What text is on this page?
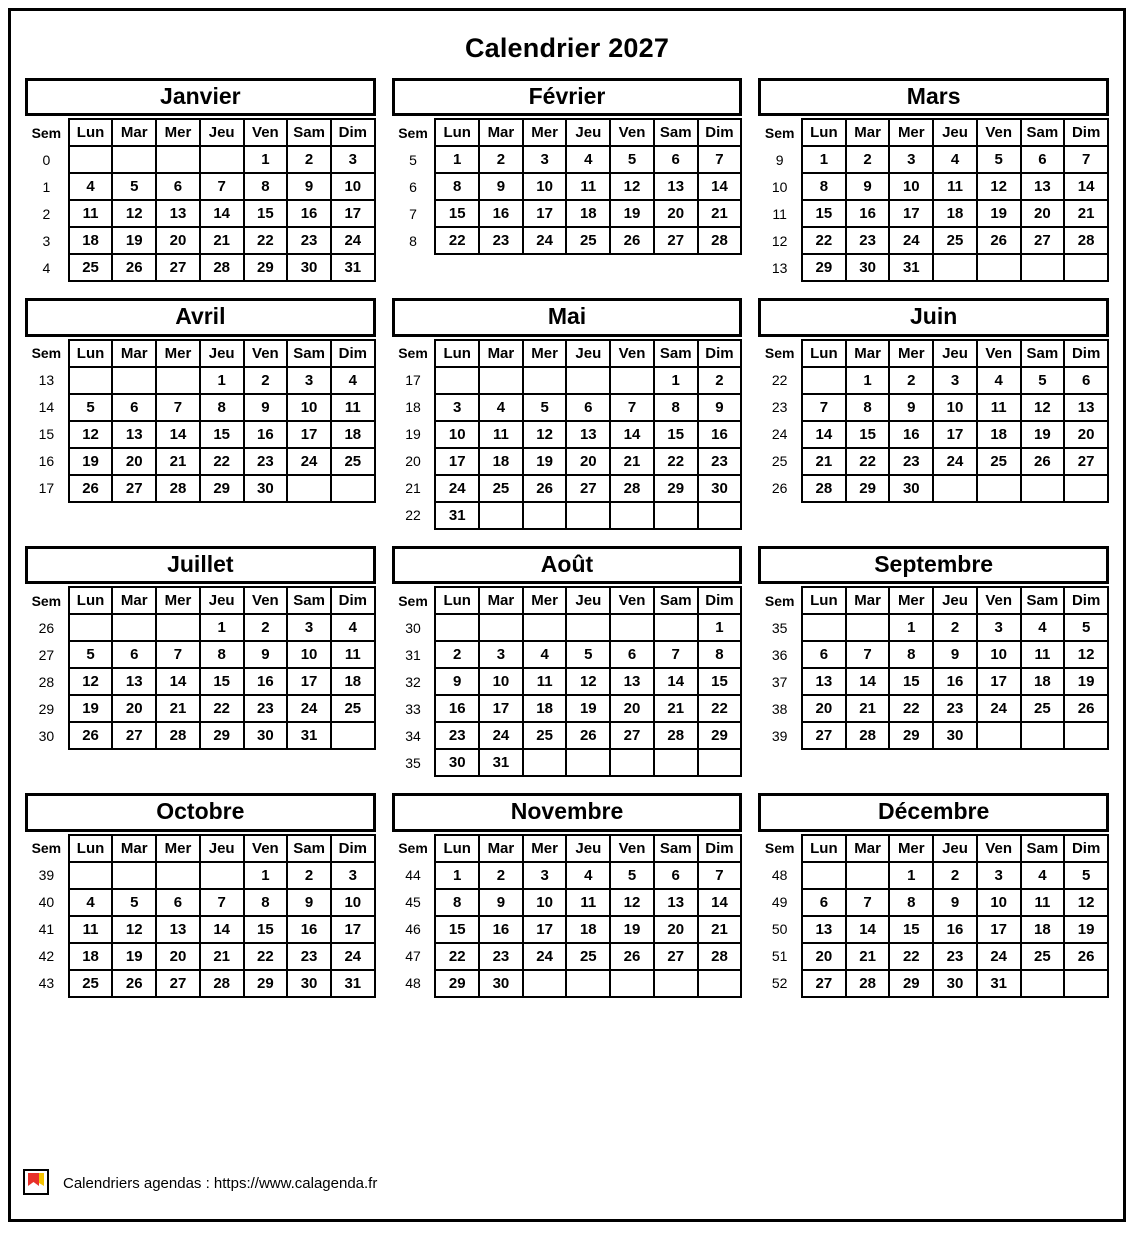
Calendrier 2027
Janvier
Sem	Lun	Mar	Mer	Jeu	Ven	Sam	Dim
0					1	2	3
1	4	5	6	7	8	9	10
2	11	12	13	14	15	16	17
3	18	19	20	21	22	23	24
4	25	26	27	28	29	30	31
Février
Sem	Lun	Mar	Mer	Jeu	Ven	Sam	Dim
5	1	2	3	4	5	6	7
6	8	9	10	11	12	13	14
7	15	16	17	18	19	20	21
8	22	23	24	25	26	27	28
Mars
Sem	Lun	Mar	Mer	Jeu	Ven	Sam	Dim
9	1	2	3	4	5	6	7
10	8	9	10	11	12	13	14
11	15	16	17	18	19	20	21
12	22	23	24	25	26	27	28
13	29	30	31				
Avril
Sem	Lun	Mar	Mer	Jeu	Ven	Sam	Dim
13				1	2	3	4
14	5	6	7	8	9	10	11
15	12	13	14	15	16	17	18
16	19	20	21	22	23	24	25
17	26	27	28	29	30		
Mai
Sem	Lun	Mar	Mer	Jeu	Ven	Sam	Dim
17						1	2
18	3	4	5	6	7	8	9
19	10	11	12	13	14	15	16
20	17	18	19	20	21	22	23
21	24	25	26	27	28	29	30
22	31						
Juin
Sem	Lun	Mar	Mer	Jeu	Ven	Sam	Dim
22		1	2	3	4	5	6
23	7	8	9	10	11	12	13
24	14	15	16	17	18	19	20
25	21	22	23	24	25	26	27
26	28	29	30				
Juillet
Sem	Lun	Mar	Mer	Jeu	Ven	Sam	Dim
26				1	2	3	4
27	5	6	7	8	9	10	11
28	12	13	14	15	16	17	18
29	19	20	21	22	23	24	25
30	26	27	28	29	30	31	
Août
Sem	Lun	Mar	Mer	Jeu	Ven	Sam	Dim
30							1
31	2	3	4	5	6	7	8
32	9	10	11	12	13	14	15
33	16	17	18	19	20	21	22
34	23	24	25	26	27	28	29
35	30	31					
Septembre
Sem	Lun	Mar	Mer	Jeu	Ven	Sam	Dim
35			1	2	3	4	5
36	6	7	8	9	10	11	12
37	13	14	15	16	17	18	19
38	20	21	22	23	24	25	26
39	27	28	29	30			
Octobre
Sem	Lun	Mar	Mer	Jeu	Ven	Sam	Dim
39					1	2	3
40	4	5	6	7	8	9	10
41	11	12	13	14	15	16	17
42	18	19	20	21	22	23	24
43	25	26	27	28	29	30	31
Novembre
Sem	Lun	Mar	Mer	Jeu	Ven	Sam	Dim
44	1	2	3	4	5	6	7
45	8	9	10	11	12	13	14
46	15	16	17	18	19	20	21
47	22	23	24	25	26	27	28
48	29	30					
Décembre
Sem	Lun	Mar	Mer	Jeu	Ven	Sam	Dim
48			1	2	3	4	5
49	6	7	8	9	10	11	12
50	13	14	15	16	17	18	19
51	20	21	22	23	24	25	26
52	27	28	29	30	31		
Calendriers agendas : https://www.calagenda.fr
